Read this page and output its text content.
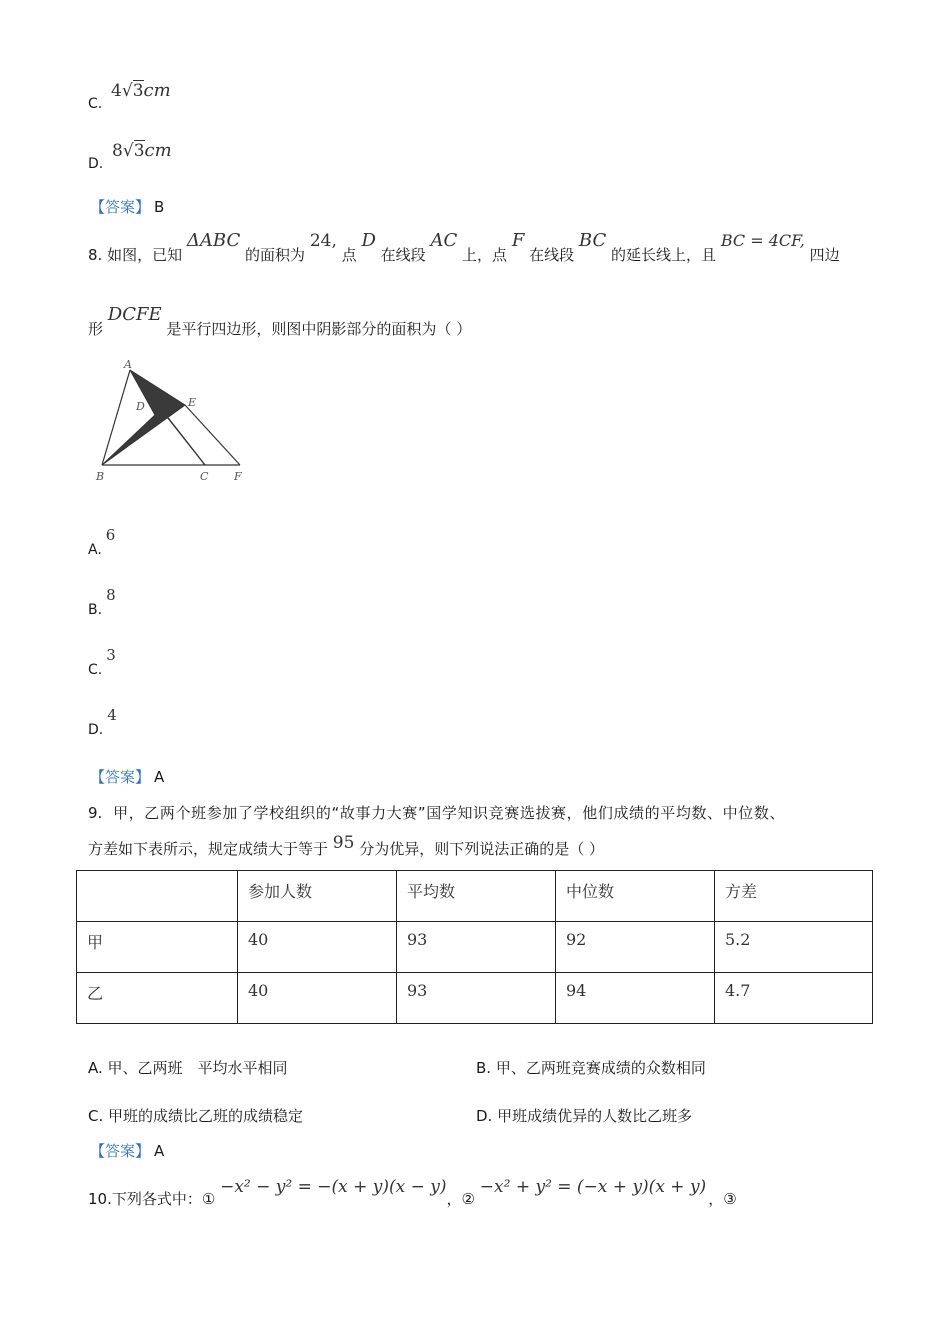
C. 4√3cm
D. 8√3cm
【答案】 B
8. 如图，已知 ΔABC 的面积为 24, 点 D 在线段 AC 上，点 F 在线段 BC 的延长线上，且 BC = 4CF, 四边
形 DCFE 是平行四边形，则图中阴影部分的面积为（ ）
A
D	E
B	C F
A.6
B.8
C.3
D.4
【答案】 A
9. 甲，乙两个班参加了学校组织的“故事力大赛”国学知识竞赛选拔赛，他们成绩的平均数、中位数、
方差如下表所示，规定成绩大于等于 95 分为优异，则下列说法正确的是（ ）
	参加人数	平均数	中位数	方差
甲	40	93	92	5.2
乙	40	93	94	4.7
A. 甲、乙两班　平均水平相同	B. 甲、乙两班竞赛成绩的众数相同
C. 甲班的成绩比乙班的成绩稳定	D. 甲班成绩优异的人数比乙班多
【答案】 A
10.下列各式中：① −x² − y² = −(x + y)(x − y)，② −x² + y² = (−x + y)(x + y)，③
